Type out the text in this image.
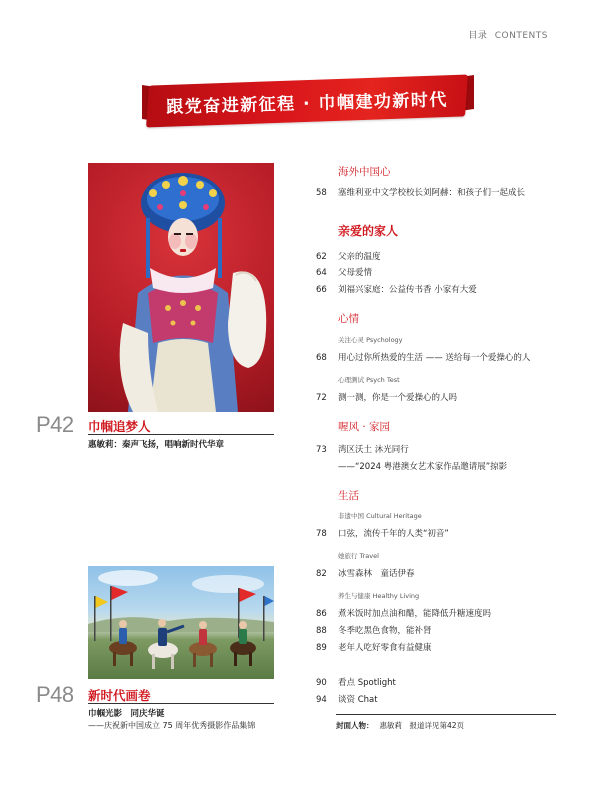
目录 CONTENTS
跟党奋进新征程 · 巾帼建功新时代
P42 巾帼追梦人
惠敏莉：秦声飞扬，唱响新时代华章
P48 新时代画卷
巾帼光影　同庆华诞
——庆祝新中国成立 75 周年优秀摄影作品集锦
海外中国心
58 塞维利亚中文学校校长刘阿赫：和孩子们一起成长
亲爱的家人
62 父亲的温度
64 父母爱情
66 刘福兴家庭：公益传书香 小家有大爱
心情
关注心灵 Psychology
68 用心过你所热爱的生活 —— 送给每一个爱操心的人
心理测试 Psych Test
72 测一测，你是一个爱操心的人吗
喔风 · 家园
73 湾区沃土 沐光同行
——“2024 粤港澳女艺术家作品邀请展”掠影
生活
非遗中国 Cultural Heritage
78 口弦，流传千年的人类“初音”
她旅行 Travel
82 冰雪森林　童话伊春
养生与健康 Healthy Living
86 煮米饭时加点油和醋，能降低升糖速度吗
88 冬季吃黑色食物，能补肾
89 老年人吃好零食有益健康
90 看点 Spotlight
94 谈资 Chat
封面人物： 惠敏莉　报道详见第42页
